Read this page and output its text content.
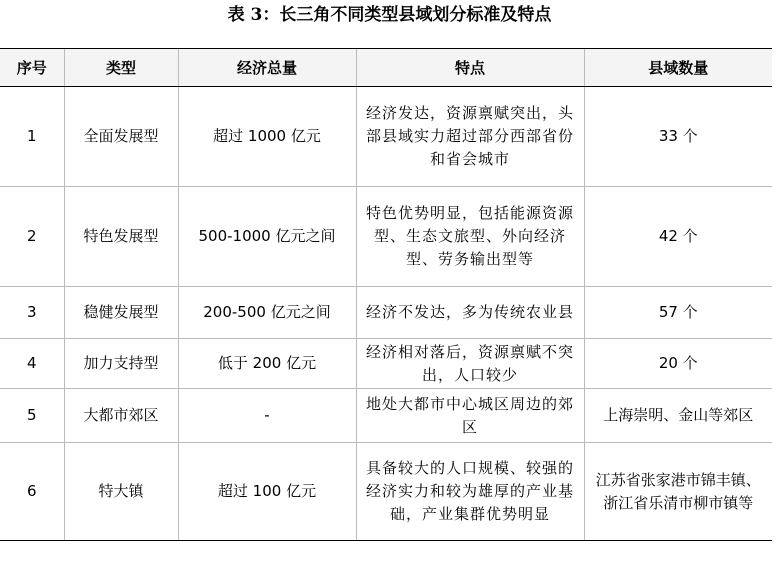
表 3：长三角不同类型县域划分标准及特点
序号	类型	经济总量	特点	县域数量
1	全面发展型	超过 1000 亿元	经济发达，资源禀赋突出，头部县域实力超过部分西部省份和省会城市	33 个
2	特色发展型	500-1000 亿元之间	特色优势明显，包括能源资源型、生态文旅型、外向经济型、劳务输出型等	42 个
3	稳健发展型	200-500 亿元之间	经济不发达，多为传统农业县	57 个
4	加力支持型	低于 200 亿元	经济相对落后，资源禀赋不突出，人口较少	20 个
5	大都市郊区	-	地处大都市中心城区周边的郊区	上海崇明、金山等郊区
6	特大镇	超过 100 亿元	具备较大的人口规模、较强的经济实力和较为雄厚的产业基础，产业集群优势明显	江苏省张家港市锦丰镇、浙江省乐清市柳市镇等
